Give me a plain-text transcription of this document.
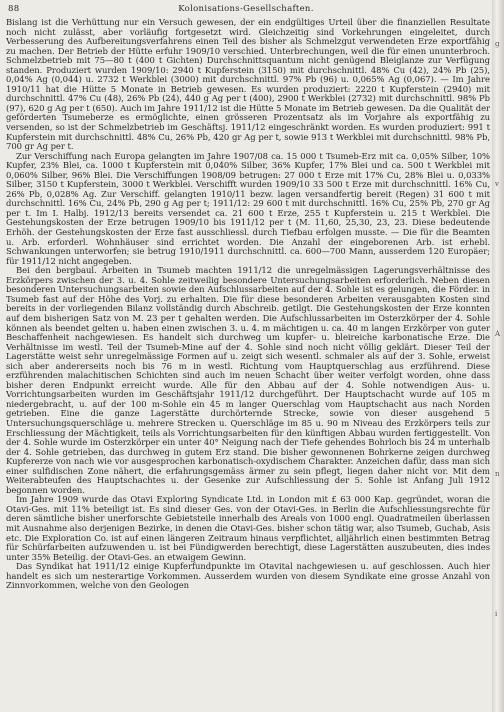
88	Kolonisations-Gesellschaften.

Bislang ist die Verhüttung nur ein Versuch gewesen, der ein endgültiges Urteil über die finanziellen Resultate noch nicht zulässt, aber vorläufig fortgesetzt wird. Gleichzeitig sind Vorkehrungen eingeleitet, durch Verbesserung des Aufbereitungsverfahrens einen Teil des bisher als Schmelzgut verwendeten Erze exportfähig zu machen. Der Betrieb der Hütte erfuhr 1909/10 verschied. Unterbrechungen, weil die für einen ununterbroch. Schmelzbetrieb mit 75—80 t (400 t Gichten) Durchschnittsquantum nicht genügend Bleiglanze zur Verfügung standen. Produziert wurden 1909/10: 2940 t Kupferstein (3150) mit durchschnittl. 48% Cu (42), 24% Pb (25), 0,04% Ag (0,044) u. 2732 t Werkblei (3000) mit durchschnittl. 97% Pb (96) u. 0,065% Ag (0,067). — Im Jahre 1910/11 hat die Hütte 5 Monate in Betrieb gewesen. Es wurden produziert: 2220 t Kupferstein (2940) mit durchschnittl. 47% Cu (48), 26% Pb (24), 440 g Ag per t (400), 2900 t Werkblei (2732) mit durchschnittl. 98% Pb (97), 620 g Ag per t (650). Auch im Jahre 1911/12 ist die Hütte 5 Monate im Betrieb gewesen. Da die Qualität der geförderten Tsumeberze es ermöglichte, einen grösseren Prozentsatz als im Vorjahre als exportfähig zu versenden, so ist der Schmelzbetrieb im Geschäftsj. 1911/12 eingeschränkt worden. Es wurden produziert: 991 t Kupferstein mit durchschnittl. 48% Cu, 26% Pb, 420 gr Ag per t, sowie 913 t Werkblei mit durchschnittl. 98% Pb, 700 gr Ag per t.

Zur Verschiffung nach Europa gelangten im Jahre 1907/08 ca. 15 000 t Tsumeb-Erz mit ca. 0,05% Silber, 10% Kupfer, 23% Blei, ca. 1000 t Kupferstein mit 0,040% Silber, 36% Kupfer, 17% Blei und ca. 500 t Werkblei mit 0,060% Silber, 96% Blei. Die Verschiffungen 1908/09 betrugen: 27 000 t Erze mit 17% Cu, 28% Blei u. 0,033% Silber, 3150 t Kupferstein, 3000 t Werkblei. Verschifft wurden 1909/10 33 500 t Erze mit durchschnittl. 16% Cu, 26% Pb, 0,028% Ag. Zur Verschiff. gelangten 1910/11 bezw. lagen versandfertig bereit (Regen) 31 600 t mit durchschnittl. 16% Cu, 24% Pb, 290 g Ag per t; 1911/12: 29 600 t mit durchschnittl. 16% Cu, 25% Pb, 270 gr Ag per t. Im I. Halbj. 1912/13 bereits versendet ca. 21 600 t Erze, 255 t Kupferstein u. 215 t Werkblei. Die Gestehungskosten der Erze betrugen 1909/10 bis 1911/12 per t (M. 11,60, 25,30, 23, 23. Diese bedeutende Erhöh. der Gestehungskosten der Erze fast ausschliessl. durch Tiefbau erfolgen musste. — Die für die Beamten u. Arb. erforderl. Wohnhäuser sind errichtet worden. Die Anzahl der eingeborenen Arb. ist erhebl. Schwankungen unterworfen; sie betrug 1910/1911 durchschnittl. ca. 600—700 Mann, ausserdem 120 Europäer; für 1911/12 nicht angegeben.

Bei den bergbaul. Arbeiten in Tsumeb machten 1911/12 die unregelmässigen Lagerungsverhältnisse des Erzkörpers zwischen der 3. u. 4. Sohle zeitweilig besondere Untersuchungsarbeiten erforderlich. Neben diesen besonderen Untersuchungsarbeiten sowie den Aufschlussarbeiten auf der 4. Sohle ist es gelungen, die Förder. in Tsumeb fast auf der Höhe des Vorj. zu erhalten. Die für diese besonderen Arbeiten verausgabten Kosten sind bereits in der vorliegenden Bilanz vollständig durch Abschreib. getilgt. Die Gestehungskosten der Erze konnten auf dem bisherigen Satz von M. 23 per t gehalten werden. Die Aufschlussarbeiten im Osterzkörper der 4. Sohle können als beendet gelten u. haben einen zwischen 3. u. 4. m mächtigen u. ca. 40 m langen Erzkörper von guter Beschaffenheit nachgewiesen. Es handelt sich durchweg um kupfer- u. bleireiche karbonatische Erze. Die Verhältnisse im westl. Teil der Tsumeb-Mine auf der 4. Sohle sind noch nicht völlig geklärt. Dieser Teil der Lagerstätte weist sehr unregelmässige Formen auf u. zeigt sich wesentl. schmaler als auf der 3. Sohle, erweist sich aber andererseits noch bis 76 m in westl. Richtung vom Hauptquerschlag aus erzführend. Diese erzführenden malachitischen Schichten sind auch im neuen Schacht über weiter verfolgt worden, ohne dass bisher deren Endpunkt erreicht wurde. Alle für den Abbau auf der 4. Sohle notwendigen Aus- u. Vorrichtungsarbeiten wurden im Geschäftsjahr 1911/12 durchgeführt. Der Hauptschacht wurde auf 105 m niedergebracht, u. auf der 100 m-Sohle ein 45 m langer Querschlag vom Hauptschacht aus nach Norden getrieben. Eine die ganze Lagerstätte durchörternde Strecke, sowie von dieser ausgehend 5 Untersuchungsquerschläge u. mehrere Strecken u. Querschläge im 85 u. 90 m Niveau des Erzkörpers teils zur Erschliessung der Mächtigkeit, teils als Vorrichtungsarbeiten für den künftigen Abbau wurden fertiggestellt. Von der 4. Sohle wurde im Osterzkörper ein unter 40° Neigung nach der Tiefe gehendes Bohrloch bis 24 m unterhalb der 4. Sohle getrieben, das durchweg in gutem Erz stand. Die bisher gewonnenen Bohrkerne zeigen durchweg Kupfererze von nach wie vor ausgesprochen karbonatisch-oxydischem Charakter. Anzeichen dafür, dass man sich einer sulfidischen Zone nähert, die erfahrungsgemäss ärmer zu sein pflegt, liegen daher nicht vor. Mit dem Weiterabteufen des Hauptschachtes u. der Gesenke zur Aufschliessung der 5. Sohle ist Anfang Juli 1912 begonnen worden.

Im Jahre 1909 wurde das Otavi Exploring Syndicate Ltd. in London mit £ 63 000 Kap. gegründet, woran die Otavi-Ges. mit 11% beteiligt ist. Es sind dieser Ges. von der Otavi-Ges. in Berlin die Aufschliessungsrechte für deren sämtliche bisher unerforschte Gebietsteile innerhalb des Areals von 1000 engl. Quadratmeilen überlassen mit Ausnahme also derjenigen Bezirke, in denen die Otavi-Ges. bisher schon tätig war, also Tsumeb, Guchab, Asis etc. Die Exploration Co. ist auf einen längeren Zeitraum hinaus verpflichtet, alljährlich einen bestimmten Betrag für Schürfarbeiten aufzuwenden u. ist bei Fündigwerden berechtigt, diese Lagerstätten auszubeuten, dies indes unter 35% Beteilig. der Otavi-Ges. an etwaigem Gewinn.

Das Syndikat hat 1911/12 einige Kupferfundpunkte im Otavital nachgewiesen u. auf geschlossen. Auch hier handelt es sich um nesterartige Vorkommen. Ausserdem wurden von diesem Syndikate eine grosse Anzahl von Zinnvorkommen, welche von den Geologen

g
v
A
n
i
